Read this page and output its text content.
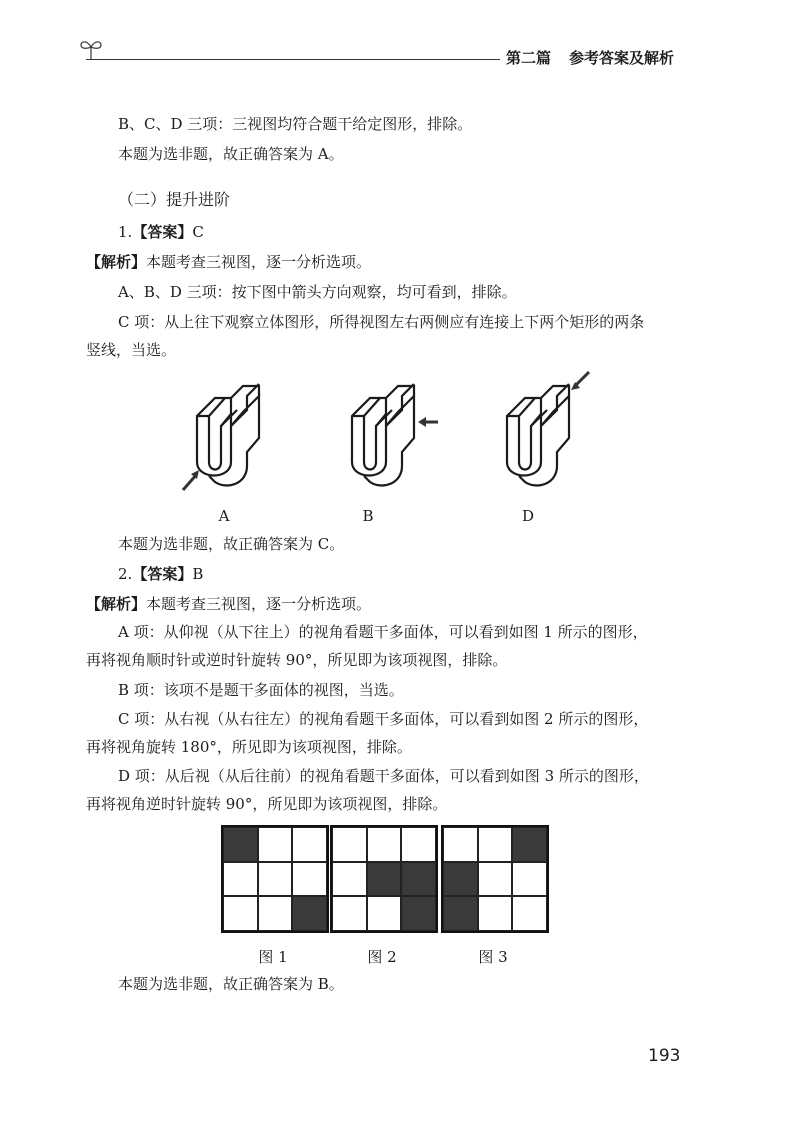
第二篇 参考答案及解析
B、C、D 三项：三视图均符合题干给定图形，排除。
本题为选非题，故正确答案为 A。
（二）提升进阶
1.【答案】C
【解析】本题考查三视图，逐一分析选项。
A、B、D 三项：按下图中箭头方向观察，均可看到，排除。
C 项：从上往下观察立体图形，所得视图左右两侧应有连接上下两个矩形的两条
竖线，当选。
A	B	D
本题为选非题，故正确答案为 C。
2.【答案】B
【解析】本题考查三视图，逐一分析选项。
A 项：从仰视（从下往上）的视角看题干多面体，可以看到如图 1 所示的图形，
再将视角顺时针或逆时针旋转 90°，所见即为该项视图，排除。
B 项：该项不是题干多面体的视图，当选。
C 项：从右视（从右往左）的视角看题干多面体，可以看到如图 2 所示的图形，
再将视角旋转 180°，所见即为该项视图，排除。
D 项：从后视（从后往前）的视角看题干多面体，可以看到如图 3 所示的图形，
再将视角逆时针旋转 90°，所见即为该项视图，排除。
图 1	图 2	图 3
本题为选非题，故正确答案为 B。
193
